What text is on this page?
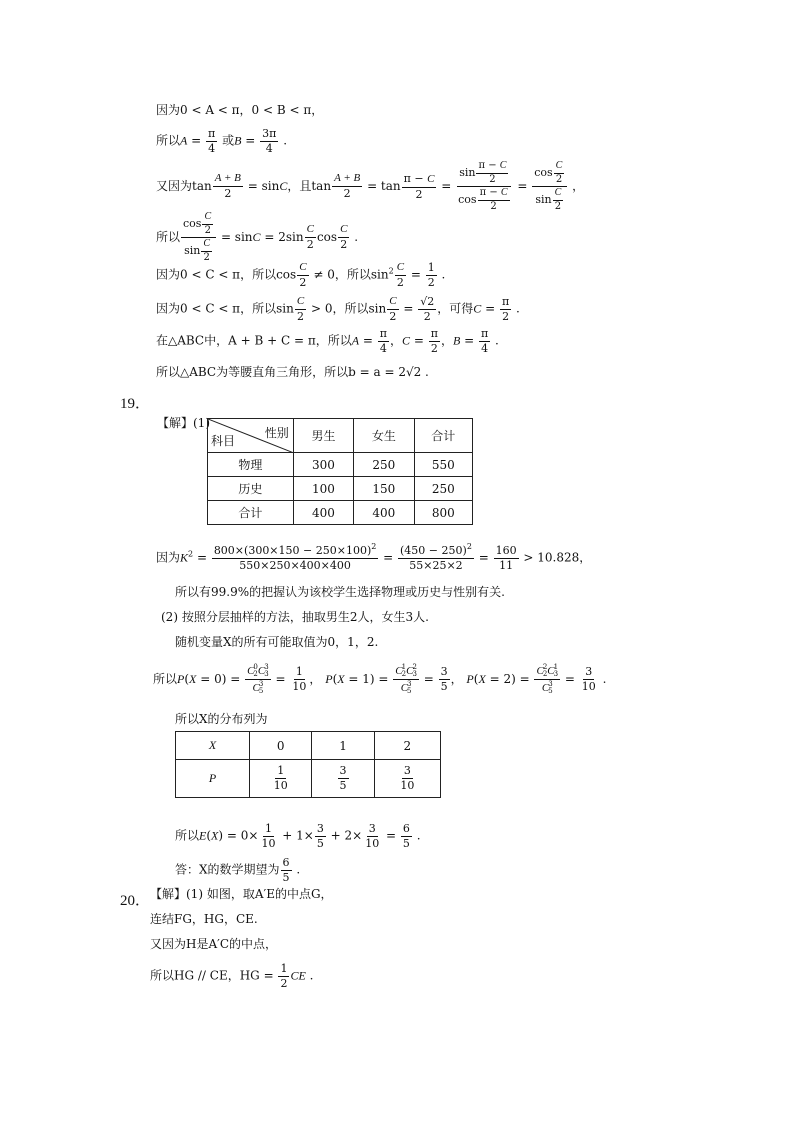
因为0 < A < π，0 < B < π，
所以$A = \frac{\pi}{4}$ 或$B = \frac{3\pi}{4}$ .
又因为$\tan \frac{A + B}{2} = \sin C$，且$\tan \frac{A + B}{2} = \tan \frac{\pi - C}{2} = \frac{\sin \frac{\pi - C}{2}}{\cos \frac{\pi - C}{2}} = \frac{\cos \frac{C}{2}}{\sin \frac{C}{2}}$ ，
所以 $\frac{\cos \frac{C}{2}}{\sin \frac{C}{2}} = \sin C = 2\sin \frac{C}{2}$ $\cos \frac{C}{2}$ .
因为0 < C < π，所以$\cos \frac{C}{2} \ne 0$，所以$\sin^2 \frac{C}{2} = \frac{1}{2}$ .
因为0 < C < π，所以$\sin \frac{C}{2} > 0$，所以$\sin \frac{C}{2} = \frac{√2}{2}$ ，可得$C = \frac{\pi}{2}$ .
在△ABC中，A + B + C = π，所以$A = \frac{\pi}{4}$ ，$C = \frac{\pi}{2}$ ，$B = \frac{\pi}{4}$ .
所以△ABC为等腰直角三角形，所以b = a = 2√2 .
19．
【解】(1)
性别
科目	男生	女生	合计
物理	300	250	550
历史	100	150	250
合计	400	400	800
因为$K^2 = \frac{800\times(300\times 150 - 250\times 100)^2}{550\times 250\times 400\times 400} = \frac{(450 - 250)^2}{55\times 25\times 2} = \frac{160}{11} > 10.828$，
所以有99.9%的把握认为该校学生选择物理或历史与性别有关.
(2) 按照分层抽样的方法，抽取男生2人，女生3人.
随机变量X的所有可能取值为0，1，2.
所以P(X = 0) = C 0
2 C 3
3
C 3
$5 = \frac{1}{10}$ ， P(X = 1) = C 1
2 C 2
3
C 3
$5 = \frac{3}{5}$ ， P(X = 2) = C 2
2 C 1
3
C 3
$5 = \frac{3}{10}$ .
所以X的分布列为
X	0	1	2
P	$\frac{1}{10}$	$\frac{3}{5}$	$\frac{3}{10}$
所以$E(X) = 0\times \frac{1}{10} + 1\times \frac{3}{5} + 2\times \frac{3}{10} = \frac{6}{5}$ .
答：X的数学期望为 $\frac{6}{5}$ .
20． 【解】(1) 如图，取A′E的中点G，
连结FG，HG，CE.
又因为H是A′C的中点，
所以HG // CE，HG = $\frac{1}{2}$ CE .
